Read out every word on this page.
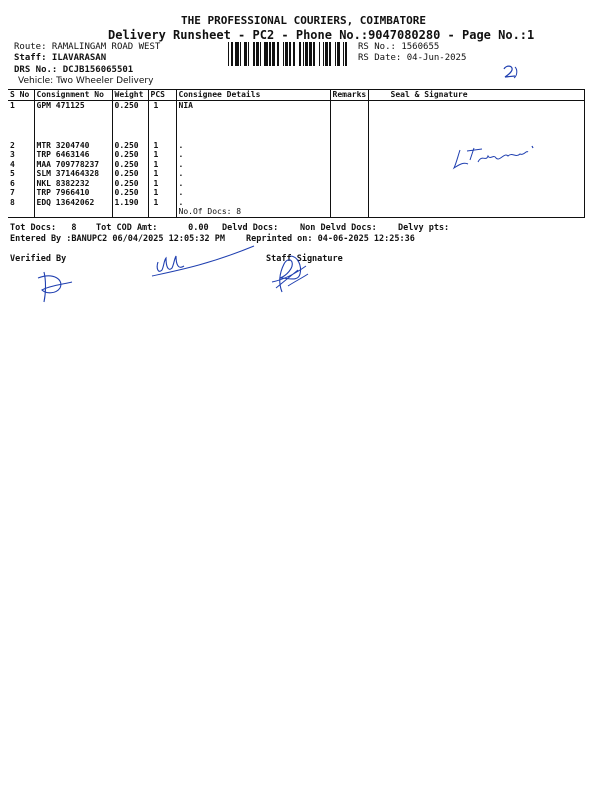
THE PROFESSIONAL COURIERS, COIMBATORE
Delivery Runsheet - PC2 - Phone No.:9047080280 - Page No.:1
Route: RAMALINGAM ROAD WEST
Staff: ILAVARASAN
DRS No.: DCJB156065501
Vehicle: Two Wheeler Delivery
RS No.: 1560655
RS Date: 04-Jun-2025
S No	Consignment No	Weight	PCS	Consignee Details	Remarks	Seal & Signature
1	GPM 471125	0.250	1	NIA		

2	MTR 3204740	0.250	1	.		
3	TRP 6463146	0.250	1	.		
4	MAA 709778237	0.250	1	.		
5	SLM 371464328	0.250	1	.		
6	NKL 8382232	0.250	1	.		
7	TRP 7966410	0.250	1	.		
8	EDQ 13642062	1.190	1	.		
				No.Of Docs: 8		
Tot Docs:   8 Tot COD Amt:      0.00 Delvd Docs:	Non Delvd Docs: Delvy pts:
Entered By :BANUPC2 06/04/2025 12:05:32 PM Reprinted on: 04-06-2025 12:25:36
Verified By	Staff Signature
